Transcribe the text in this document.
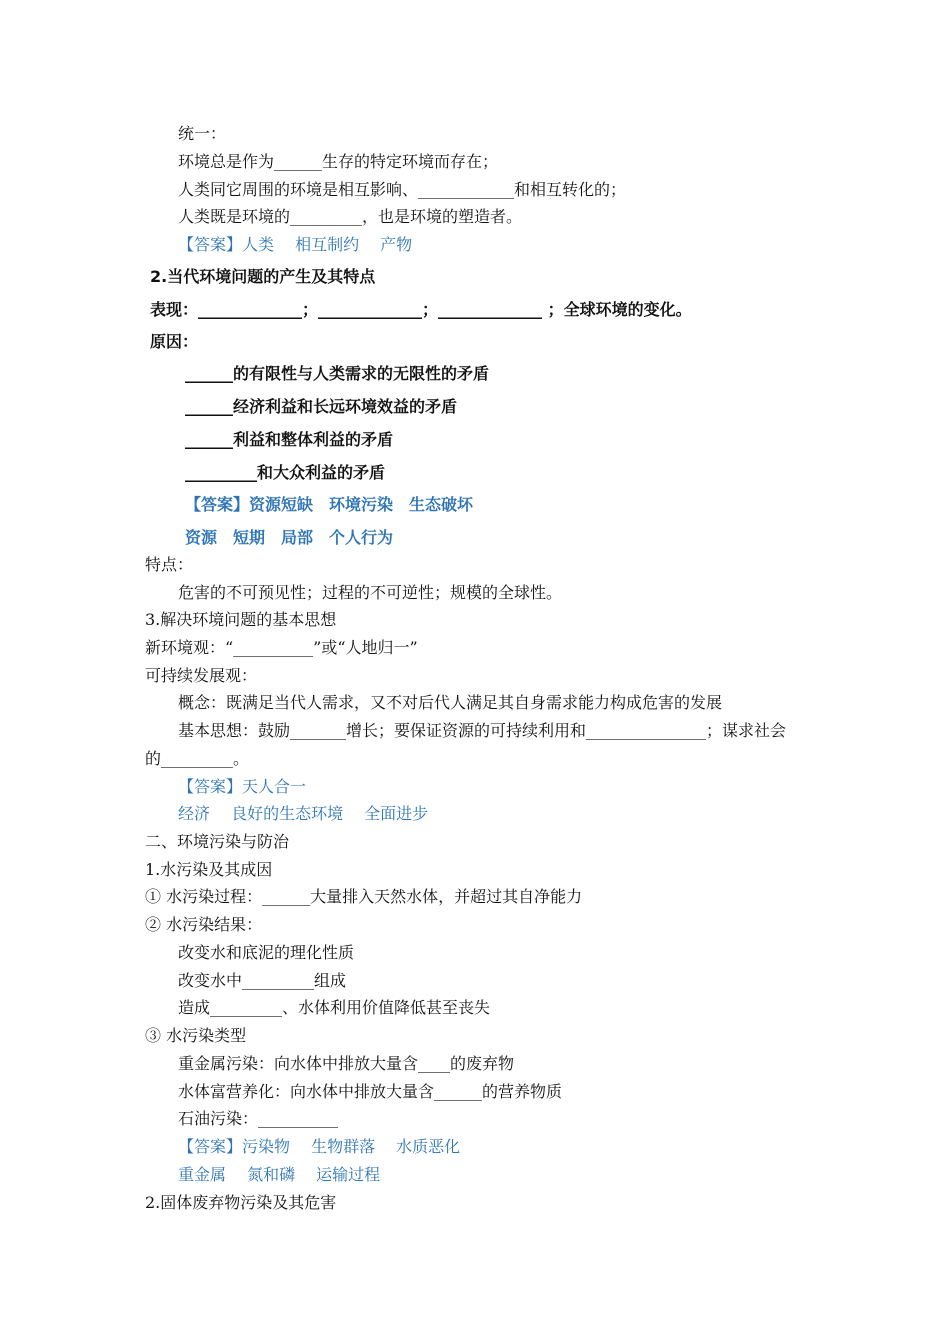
统一：
环境总是作为______生存的特定环境而存在；
人类同它周围的环境是相互影响、____________和相互转化的；
人类既是环境的_________，也是环境的塑造者。
【答案】人类　 相互制约　 产物
2.当代环境问题的产生及其特点
表现：_____________；_____________；_____________ ；全球环境的变化。
原因：
______的有限性与人类需求的无限性的矛盾
______经济利益和长远环境效益的矛盾
______利益和整体利益的矛盾
_________和大众利益的矛盾
【答案】资源短缺　环境污染　生态破坏
资源　短期　局部　个人行为
特点：
危害的不可预见性；过程的不可逆性；规模的全球性。
3.解决环境问题的基本思想
新环境观：“__________”或“人地归一”
可持续发展观：
概念：既满足当代人需求，又不对后代人满足其自身需求能力构成危害的发展
基本思想：鼓励_______增长；要保证资源的可持续利用和_______________；谋求社会
的_________。
【答案】天人合一
经济　 良好的生态环境　 全面进步
二、环境污染与防治
1.水污染及其成因
① 水污染过程：______大量排入天然水体，并超过其自净能力
② 水污染结果：
改变水和底泥的理化性质
改变水中_________组成
造成_________、水体利用价值降低甚至丧失
③ 水污染类型
重金属污染：向水体中排放大量含____的废弃物
水体富营养化：向水体中排放大量含______的营养物质
石油污染：__________
【答案】污染物　 生物群落　 水质恶化
重金属　 氮和磷　 运输过程
2.固体废弃物污染及其危害
